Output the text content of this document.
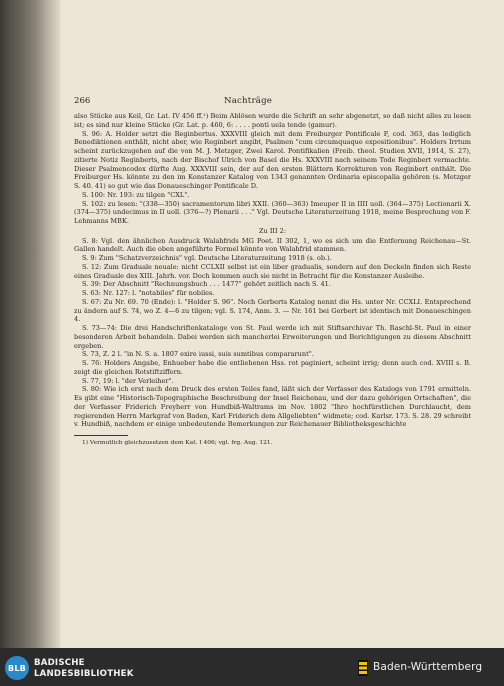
266	Nachträge

also Stücke aus Keil, Gr. Lat. IV 456 ff.¹) Beim Ablösen wurde die Schrift an sehr abgenetzt, so daß nicht alles zu lesen ist; es sind nur kleine Stücke (Gr. Lat. p. 460, 6: . . . . ponti uela tende (gamur).

S. 96: A. Holder setzt die Reginbertus. XXXVIII gleich mit dem Freiburger Pontificale F, cod. 363, das lediglich Benediktionen enthält, nicht aber, wie Reginbert angibt, Psalmen "cum circumquaque expositionibus". Holders Irrtum scheint zurückzugehen auf die von M. J. Metzger, Zwei Karol. Pontifikalien (Freib. theol. Studien XVII, 1914, S. 27), zitierte Notiz Reginberts, nach der Bischof Ulrich von Basel die Hs. XXXVIII nach seinem Tode Reginbert vermachte. Dieser Psalmencodex dürfte Aug. XXXVIII sein, der auf den ersten Blättern Korrekturen von Reginbert enthält. Die Freiburger Hs. könnte zu den im Konstanzer Katalog von 1343 genannten Ordinaria episcopalia gehören (s. Metzger S. 40. 41) so gut wie das Donaueschinger Pontificale D.

S. 100: Nr. 193: zu tilgen "CXL".

S. 102: zu lesen: "(338—350) sacramentorum libri XXII. (360—363) Imeuper II in IIII uoll. (364—375) Lectionarii X. (374—375) undecimus in II uoll. (376—?) Plenarii . . ." Vgl. Deutsche Literaturzeitung 1918, meine Besprechung von F. Lehmanns MBK.

Zu III 2:

S. 8: Vgl. den ähnlichen Ausdruck Walahfrids MG Poet. II 302, 1, wo es sich um die Entfernung Reichenau—St. Gallen handelt. Auch die oben angeführte Formel könnte von Walahfrid stammen.

S. 9: Zum "Schatzverzeichnis" vgl. Deutsche Literaturzeitung 1918 (s. ob.).

S. 12: Zum Graduale neuale: nicht CCLXII selbst ist ein liber gradualis, sondern auf den Deckeln finden sich Reste eines Graduale des XIII. Jahrh. vor. Doch kommen auch sie nicht in Betracht für die Konstanzer Ausleihe.

S. 39: Der Abschnitt "Rechnungsbuch . . . 1477" gehört zeitlich nach S. 41.

S. 63: Nr. 127: l. "notabiles" für nobiles.

S. 67: Zu Nr. 69. 70 (Ende): l. "Holder S. 96". Noch Gerberts Katalog nennt die Hs. unter Nr. CCXLI. Entsprechend zu ändern auf S. 74, wo Z. 4—6 zu tilgen; vgl. S. 174, Anm. 3. — Nr. 161 bei Gerbert ist identisch mit Donaueschingen 4.

S. 73—74: Die drei Handschriftenkataloge von St. Paul werde ich mit Stiftsarchivar Th. Raschl-St. Paul in einer besonderen Arbeit behandeln. Dabei werden sich mancherlei Erweiterungen und Berichtigungen zu diesem Abschnitt ergeben.

S. 73, Z. 2 l. "in N. S. a. 1807 exire iussi, suis sumtibus compararunt".

S. 76: Holders Angabe, Enhueber habe die entliehenen Hss. rot paginiert, scheint irrig; denn auch cod. XVIII s. B. zeigt die gleichen Rotstiftziffern.

S. 77, 19: l. "der Verleiher".

S. 80: Wie ich erst nach dem Druck des ersten Teiles fand, läßt sich der Verfasser des Katalogs von 1791 ermitteln. Es gibt eine "Historisch-Topographische Beschreibung der Insel Reichenau, und der dazu gehörigen Ortschaften", die der Verfasser Friderich Freyherr von Hundbiß-Waltrams im Nov. 1802 "Ihro hochfürstlichen Durchlaucht, dem regierenden Herrn Markgraf von Baden, Karl Friderich dem Allgeliebten" widmete; cod. Karlsr. 173. S. 28. 29 schreibt v. Hundbiß, nachdem er einige unbedeutende Bemerkungen zur Reichenauer Bibliotheksgeschichte

1) Vermutlich gleichzusetzen dem Kat. I 406; vgl. frg. Aug. 121.

BLB BADISCHE
LANDESBIBLIOTHEK
Baden-Württemberg
